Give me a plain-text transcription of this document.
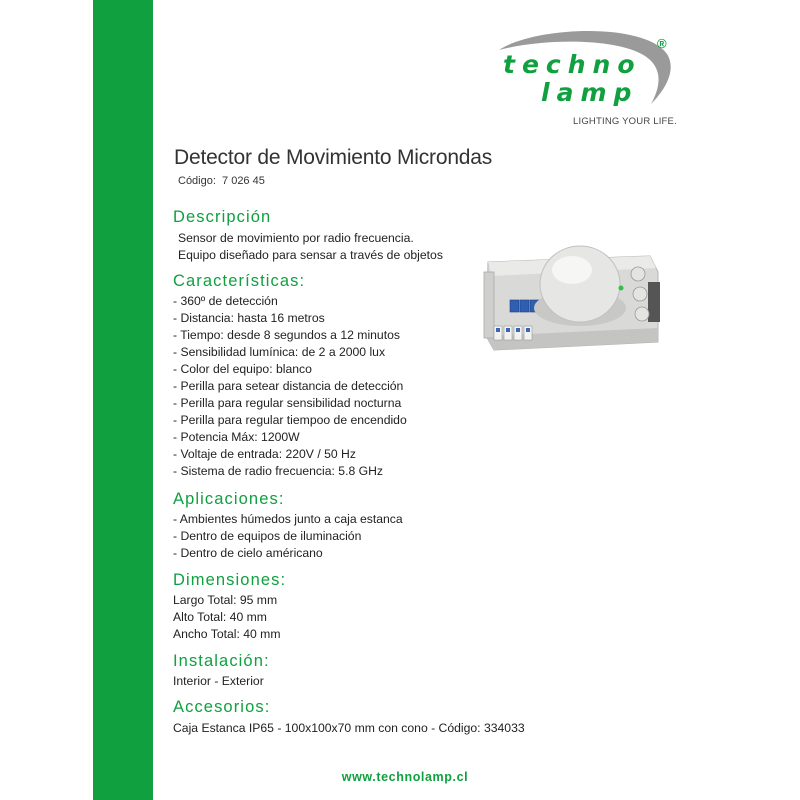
techno
lamp
®
LIGHTING YOUR LIFE.
Detector de Movimiento Microndas
Código:  7 026 45
Descripción
Sensor de movimiento por radio frecuencia.
Equipo diseñado para sensar a través de objetos
Características:
- 360º de detección
- Distancia: hasta 16 metros
- Tiempo: desde 8 segundos a 12 minutos
- Sensibilidad lumínica: de 2 a 2000 lux
- Color del equipo: blanco
- Perilla para setear distancia de detección
- Perilla para regular sensibilidad nocturna
- Perilla para regular tiempoo de encendido
- Potencia Máx: 1200W
- Voltaje de entrada: 220V / 50 Hz
- Sistema de radio frecuencia: 5.8 GHz
Aplicaciones:
- Ambientes húmedos junto a caja estanca
- Dentro de equipos de iluminación
- Dentro de cielo américano
Dimensiones:
Largo Total: 95 mm
Alto Total: 40 mm
Ancho Total: 40 mm
Instalación:
Interior - Exterior
Accesorios:
Caja Estanca IP65 - 100x100x70 mm con cono - Código: 334033
www.technolamp.cl
